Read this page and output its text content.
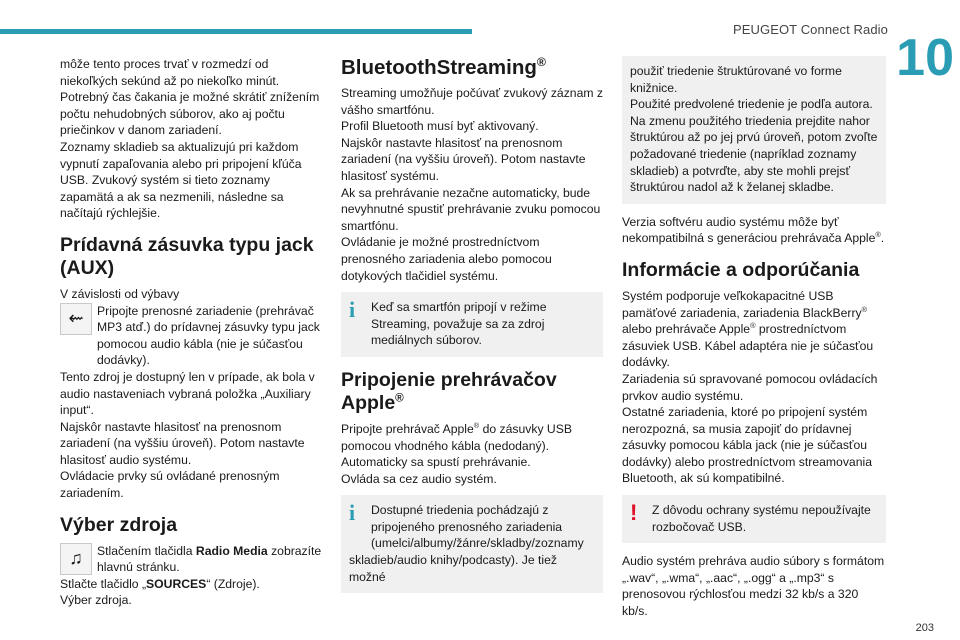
PEUGEOT Connect Radio 10
203

môže tento proces trvať v rozmedzí od niekoľkých sekúnd až po niekoľko minút.

Potrebný čas čakania je možné skrátiť znížením počtu nehudobných súborov, ako aj počtu priečinkov v danom zariadení.

Zoznamy skladieb sa aktualizujú pri každom vypnutí zapaľovania alebo pri pripojení kľúča USB. Zvukový systém si tieto zoznamy zapamätá a ak sa nezmenili, následne sa načítajú rýchlejšie.

Prídavná zásuvka typu jack (AUX)

V závislosti od výbavy

⇜	Pripojte prenosné zariadenie (prehrávač MP3 atď.) do prídavnej zásuvky typu jack pomocou audio kábla (nie je súčasťou dodávky).

Tento zdroj je dostupný len v prípade, ak bola v audio nastaveniach vybraná položka „Auxiliary input“.

Najskôr nastavte hlasitosť na prenosnom zariadení (na vyššiu úroveň). Potom nastavte hlasitosť audio systému.

Ovládacie prvky sú ovládané prenosným zariadením.

Výber zdroja
♫	Stlačením tlačidla Radio Media zobrazíte hlavnú stránku.

Stlačte tlačidlo „SOURCES“ (Zdroje).

Výber zdroja.

BluetoothStreaming®

Streaming umožňuje počúvať zvukový záznam z vášho smartfónu.

Profil Bluetooth musí byť aktivovaný.

Najskôr nastavte hlasitosť na prenosnom zariadení (na vyššiu úroveň). Potom nastavte hlasitosť systému.

Ak sa prehrávanie nezačne automaticky, bude nevyhnutné spustiť prehrávanie zvuku pomocou smartfónu.

Ovládanie je možné prostredníctvom prenosného zariadenia alebo pomocou dotykových tlačidiel systému.

i	Keď sa smartfón pripojí v režime Streaming, považuje sa za zdroj mediálnych súborov.
Pripojenie prehrávačov Apple®

Pripojte prehrávač Apple® do zásuvky USB pomocou vhodného kábla (nedodaný).

Automaticky sa spustí prehrávanie.

Ovláda sa cez audio systém.

i	Dostupné triedenia pochádzajú z pripojeného prenosného zariadenia (umelci/albumy/žánre/skladby/zoznamy skladieb/audio knihy/podcasty). Je tiež možné

použiť triedenie štruktúrované vo forme knižnice.

Použité predvolené triedenie je podľa autora. Na zmenu použitého triedenia prejdite nahor štruktúrou až po jej prvú úroveň, potom zvoľte požadované triedenie (napríklad zoznamy skladieb) a potvrďte, aby ste mohli prejsť štruktúrou nadol až k želanej skladbe.

Verzia softvéru audio systému môže byť nekompatibilná s generáciou prehrávača Apple®.

Informácie a odporúčania

Systém podporuje veľkokapacitné USB pamäťové zariadenia, zariadenia BlackBerry® alebo prehrávače Apple® prostredníctvom zásuviek USB. Kábel adaptéra nie je súčasťou dodávky.

Zariadenia sú spravované pomocou ovládacích prvkov audio systému.

Ostatné zariadenia, ktoré po pripojení systém nerozpozná, sa musia zapojiť do prídavnej zásuvky pomocou kábla jack (nie je súčasťou dodávky) alebo prostredníctvom streamovania Bluetooth, ak sú kompatibilné.

!	Z dôvodu ochrany systému nepoužívajte rozbočovač USB.

Audio systém prehráva audio súbory s formátom „.wav“, „.wma“, „.aac“, „.ogg“ a „.mp3“ s prenosovou rýchlosťou medzi 32 kb/s a 320 kb/s.
